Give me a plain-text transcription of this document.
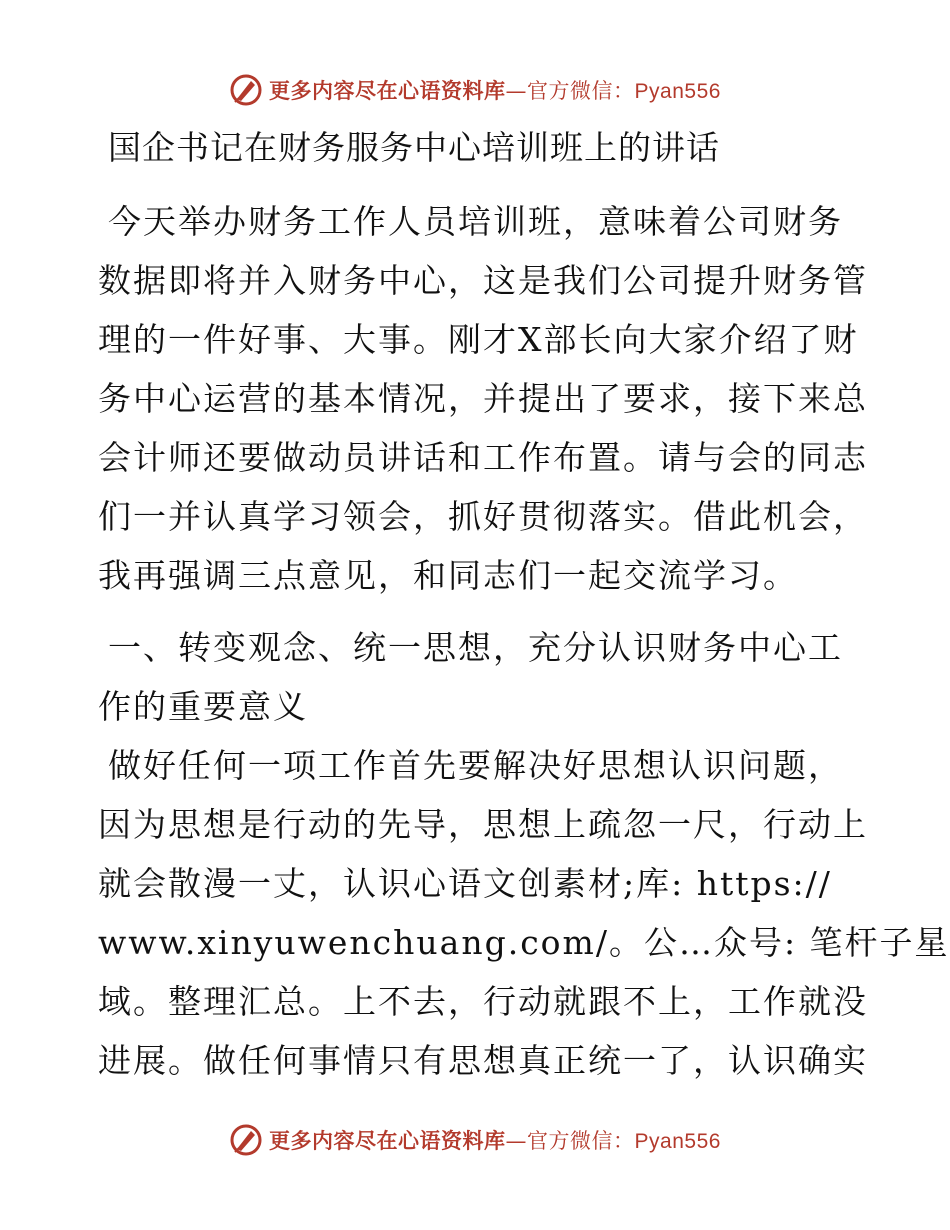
更多内容尽在心语资料库—官方微信：Pyan556
国企书记在财务服务中心培训班上的讲话
今天举办财务工作人员培训班，意味着公司财务
数据即将并入财务中心，这是我们公司提升财务管
理的一件好事、大事。刚才X部长向大家介绍了财
务中心运营的基本情况，并提出了要求，接下来总
会计师还要做动员讲话和工作布置。请与会的同志
们一并认真学习领会，抓好贯彻落实。借此机会，
我再强调三点意见，和同志们一起交流学习。
一、转变观念、统一思想，充分认识财务中心工
作的重要意义
做好任何一项工作首先要解决好思想认识问题，
因为思想是行动的先导，思想上疏忽一尺，行动上
就会散漫一丈，认识心语文创素材;库: https://
www.xinyuwenchuang.com/。公…众号: 笔杆子星
域。整理汇总。上不去，行动就跟不上，工作就没
进展。做任何事情只有思想真正统一了，认识确实
更多内容尽在心语资料库—官方微信：Pyan556
